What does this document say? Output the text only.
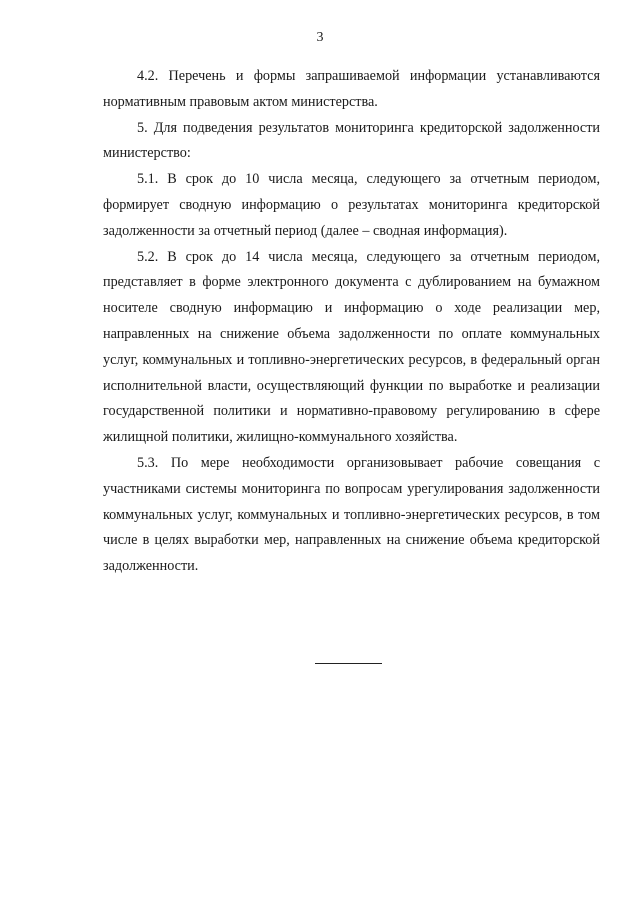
3

4.2. Перечень и формы запрашиваемой информации устанавливаются нормативным правовым актом министерства.

5. Для подведения результатов мониторинга кредиторской задолженности министерство:

5.1. В срок до 10 числа месяца, следующего за отчетным периодом, формирует сводную информацию о результатах мониторинга кредиторской задолженности за отчетный период (далее – сводная информация).

5.2. В срок до 14 числа месяца, следующего за отчетным периодом, представляет в форме электронного документа с дублированием на бумажном носителе сводную информацию и информацию о ходе реализации мер, направленных на снижение объема задолженности по оплате коммунальных услуг, коммунальных и топливно-энергетических ресурсов, в федеральный орган исполнительной власти, осуществляющий функции по выработке и реализации государственной политики и нормативно-правовому регулированию в сфере жилищной политики, жилищно-коммунального хозяйства.

5.3. По мере необходимости организовывает рабочие совещания с участниками системы мониторинга по вопросам урегулирования задолженности коммунальных услуг, коммунальных и топливно-энергетических ресурсов, в том числе в целях выработки мер, направленных на снижение объема кредиторской задолженности.
